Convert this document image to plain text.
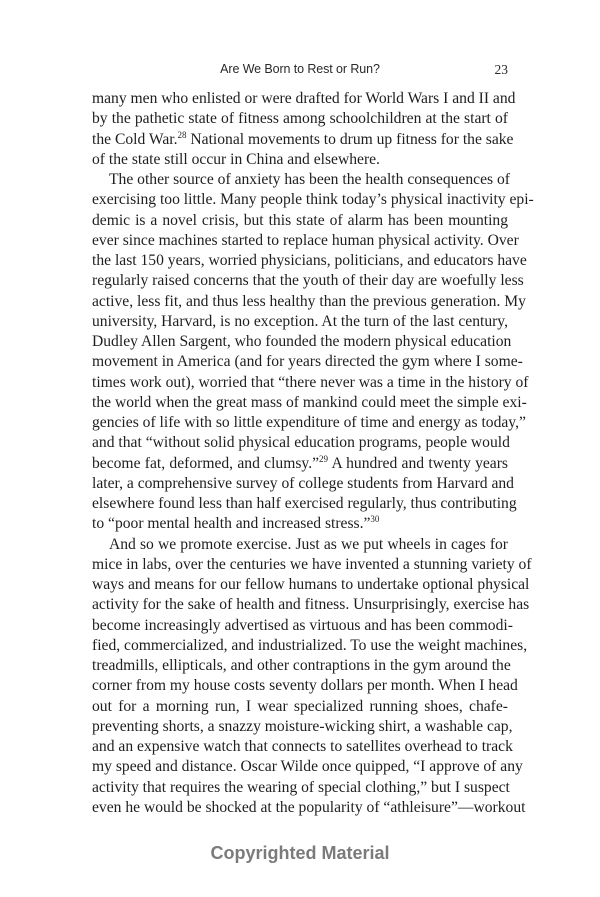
Are We Born to Rest or Run?	23
many men who enlisted or were drafted for World Wars I and II and
by the pathetic state of fitness among schoolchildren at the start of
the Cold War.$^{28}$ National movements to drum up fitness for the sake
of the state still occur in China and elsewhere.
The other source of anxiety has been the health consequences of
exercising too little. Many people think today’s physical inactivity epi-
demic is a novel crisis, but this state of alarm has been mounting
ever since machines started to replace human physical activity. Over
the last 150 years, worried physicians, politicians, and educators have
regularly raised concerns that the youth of their day are woefully less
active, less fit, and thus less healthy than the previous generation. My
university, Harvard, is no exception. At the turn of the last century,
Dudley Allen Sargent, who founded the modern physical education
movement in America (and for years directed the gym where I some-
times work out), worried that “there never was a time in the history of
the world when the great mass of mankind could meet the simple exi-
gencies of life with so little expenditure of time and energy as today,”
and that “without solid physical education programs, people would
become fat, deformed, and clumsy.”$^{29}$ A hundred and twenty years
later, a comprehensive survey of college students from Harvard and
elsewhere found less than half exercised regularly, thus contributing
to “poor mental health and increased stress.”$^{30}$
And so we promote exercise. Just as we put wheels in cages for
mice in labs, over the centuries we have invented a stunning variety of
ways and means for our fellow humans to undertake optional physical
activity for the sake of health and fitness. Unsurprisingly, exercise has
become increasingly advertised as virtuous and has been commodi-
fied, commercialized, and industrialized. To use the weight machines,
treadmills, ellipticals, and other contraptions in the gym around the
corner from my house costs seventy dollars per month. When I head
out for a morning run, I wear specialized running shoes, chafe-
preventing shorts, a snazzy moisture-wicking shirt, a washable cap,
and an expensive watch that connects to satellites overhead to track
my speed and distance. Oscar Wilde once quipped, “I approve of any
activity that requires the wearing of special clothing,” but I suspect
even he would be shocked at the popularity of “athleisure”—workout
Copyrighted Material
